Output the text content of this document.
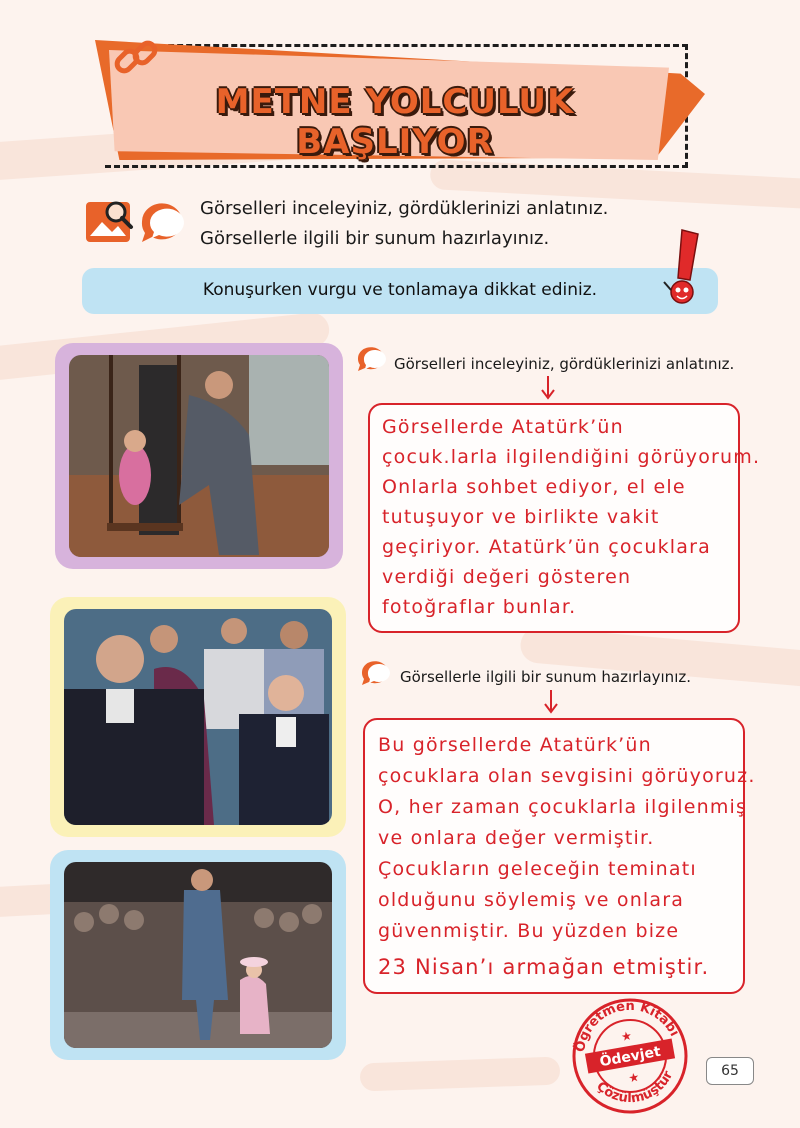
METNE YOLCULUK BAŞLIYOR
Görselleri inceleyiniz, gördüklerinizi anlatınız.
Görsellerle ilgili bir sunum hazırlayınız.
Konuşurken vurgu ve tonlamaya dikkat ediniz.
Görselleri inceleyiniz, gördüklerinizi anlatınız.
Görsellerde Atatürk’ün
çocuk.larla ilgilendiğini görüyorum.
Onlarla sohbet ediyor, el ele
tutuşuyor ve birlikte vakit
geçiriyor. Atatürk’ün çocuklara
verdiği değeri gösteren
fotoğraflar bunlar.
Görsellerle ilgili bir sunum hazırlayınız.
Bu görsellerde Atatürk’ün
çocuklara olan sevgisini görüyoruz.
O, her zaman çocuklarla ilgilenmiş
ve onlara değer vermiştir.
Çocukların geleceğin teminatı
olduğunu söylemiş ve onlara
güvenmiştir. Bu yüzden bize
23 Nisan’ı armağan etmiştir.
Öğretmen Kitabı
Çözülmüştür
Ödevjet
★
★	65
